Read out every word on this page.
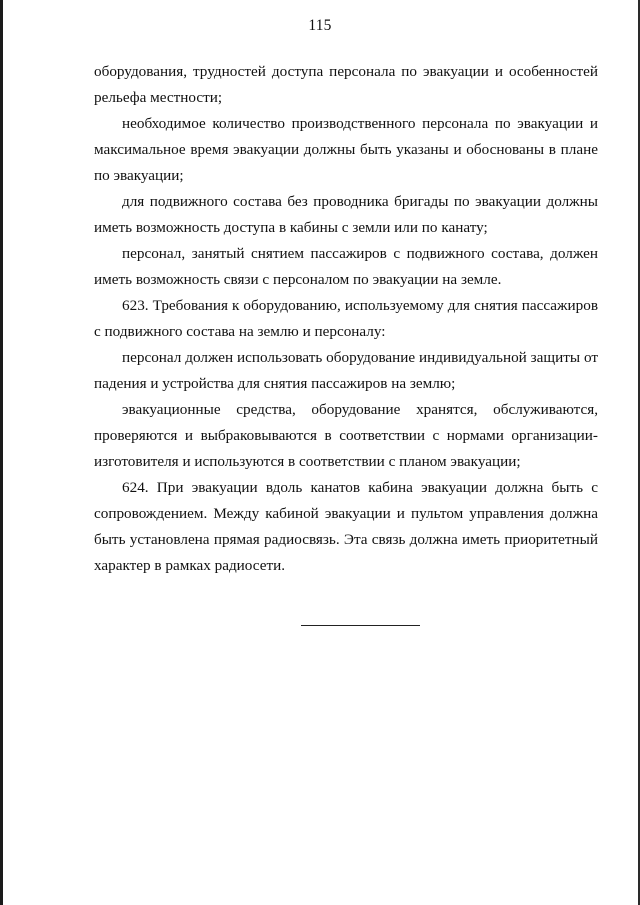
115

оборудования, трудностей доступа персонала по эвакуации и особенностей рельефа местности;

необходимое количество производственного персонала по эвакуации и максимальное время эвакуации должны быть указаны и обоснованы в плане по эвакуации;

для подвижного состава без проводника бригады по эвакуации должны иметь возможность доступа в кабины с земли или по канату;

персонал, занятый снятием пассажиров с подвижного состава, должен иметь возможность связи с персоналом по эвакуации на земле.

623. Требования к оборудованию, используемому для снятия пассажиров с подвижного состава на землю и персоналу:

персонал должен использовать оборудование индивидуальной защиты от падения и устройства для снятия пассажиров на землю;

эвакуационные средства, оборудование хранятся, обслуживаются, проверяются и выбраковываются в соответствии с нормами организации-изготовителя и используются в соответствии с планом эвакуации;

624. При эвакуации вдоль канатов кабина эвакуации должна быть с сопровождением. Между кабиной эвакуации и пультом управления должна быть установлена прямая радиосвязь. Эта связь должна иметь приоритетный характер в рамках радиосети.
